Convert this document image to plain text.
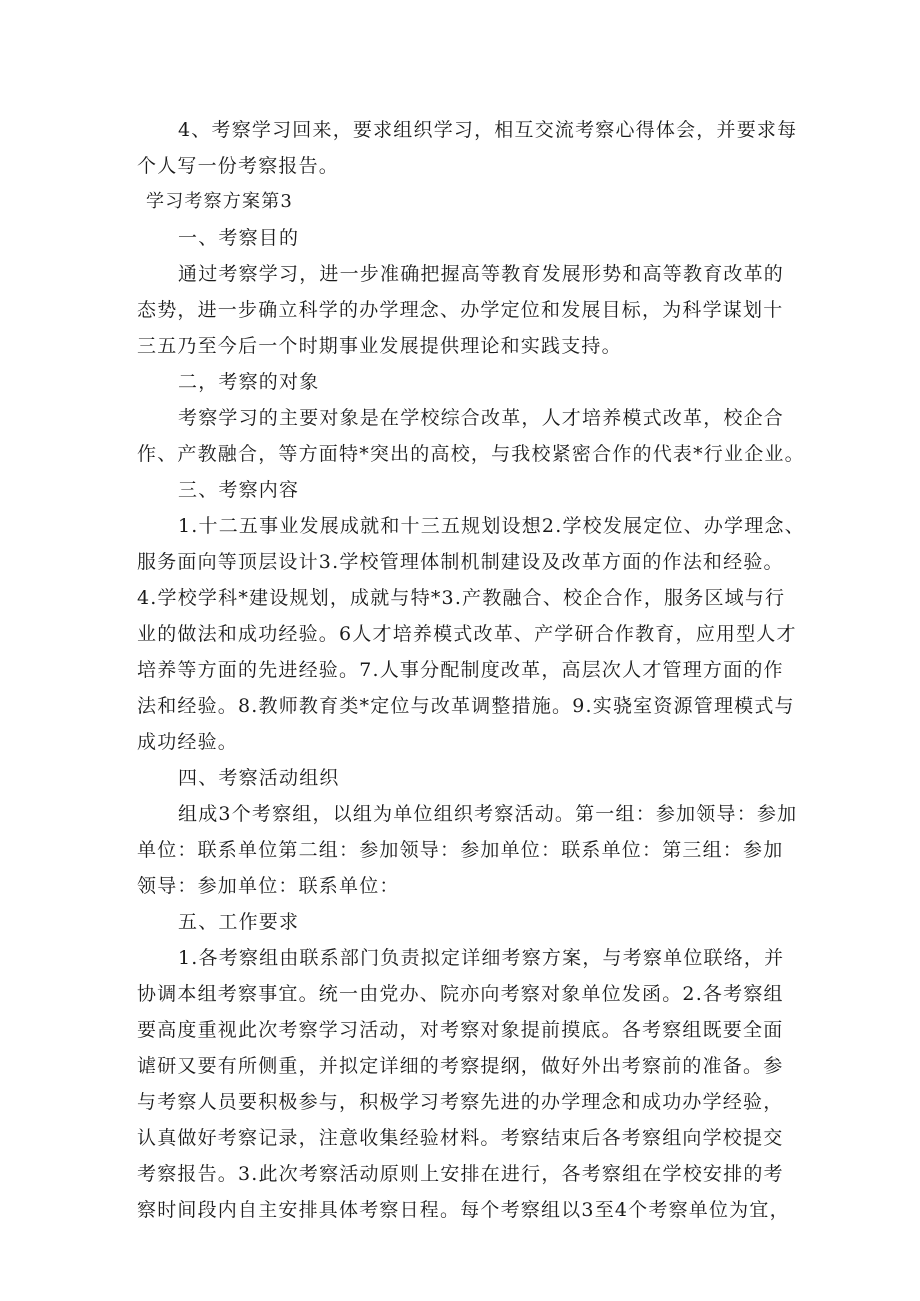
4、考察学习回来，要求组织学习，相互交流考察心得体会，并要求每
个人写一份考察报告。
学习考察方案第3
一、考察目的
通过考察学习，进一步准确把握高等教育发展形势和高等教育改革的
态势，进一步确立科学的办学理念、办学定位和发展目标，为科学谋划十
三五乃至今后一个时期事业发展提供理论和实践支持。
二，考察的对象
考察学习的主要对象是在学校综合改革，人才培养模式改革，校企合
作、产教融合，等方面特*突出的高校，与我校紧密合作的代表*行业企业。
三、考察内容
1.十二五事业发展成就和十三五规划设想2.学校发展定位、办学理念、
服务面向等顶层设计3.学校管理体制机制建设及改革方面的作法和经验。
4.学校学科*建设规划，成就与特*3.产教融合、校企合作，服务区域与行
业的做法和成功经验。6人才培养模式改革、产学研合作教育，应用型人才
培养等方面的先进经验。7.人事分配制度改革，高层次人才管理方面的作
法和经验。8.教师教育类*定位与改革调整措施。9.实骁室资源管理模式与
成功经验。
四、考察活动组织
组成3个考察组，以组为单位组织考察活动。第一组：参加领导：参加
单位：联系单位第二组：参加领导：参加单位：联系单位：第三组：参加
领导：参加单位：联系单位：
五、工作要求
1.各考察组由联系部门负责拟定详细考察方案，与考察单位联络，并
协调本组考察事宜。统一由党办、院亦向考察对象单位发函。2.各考察组
要高度重视此次考察学习活动，对考察对象提前摸底。各考察组既要全面
谑研又要有所侧重，并拟定详细的考察提纲，做好外出考察前的准备。参
与考察人员要积极参与，积极学习考察先进的办学理念和成功办学经验，
认真做好考察记录，注意收集经验材料。考察结束后各考察组向学校提交
考察报告。3.此次考察活动原则上安排在进行，各考察组在学校安排的考
察时间段内自主安排具体考察日程。每个考察组以3至4个考察单位为宜，
